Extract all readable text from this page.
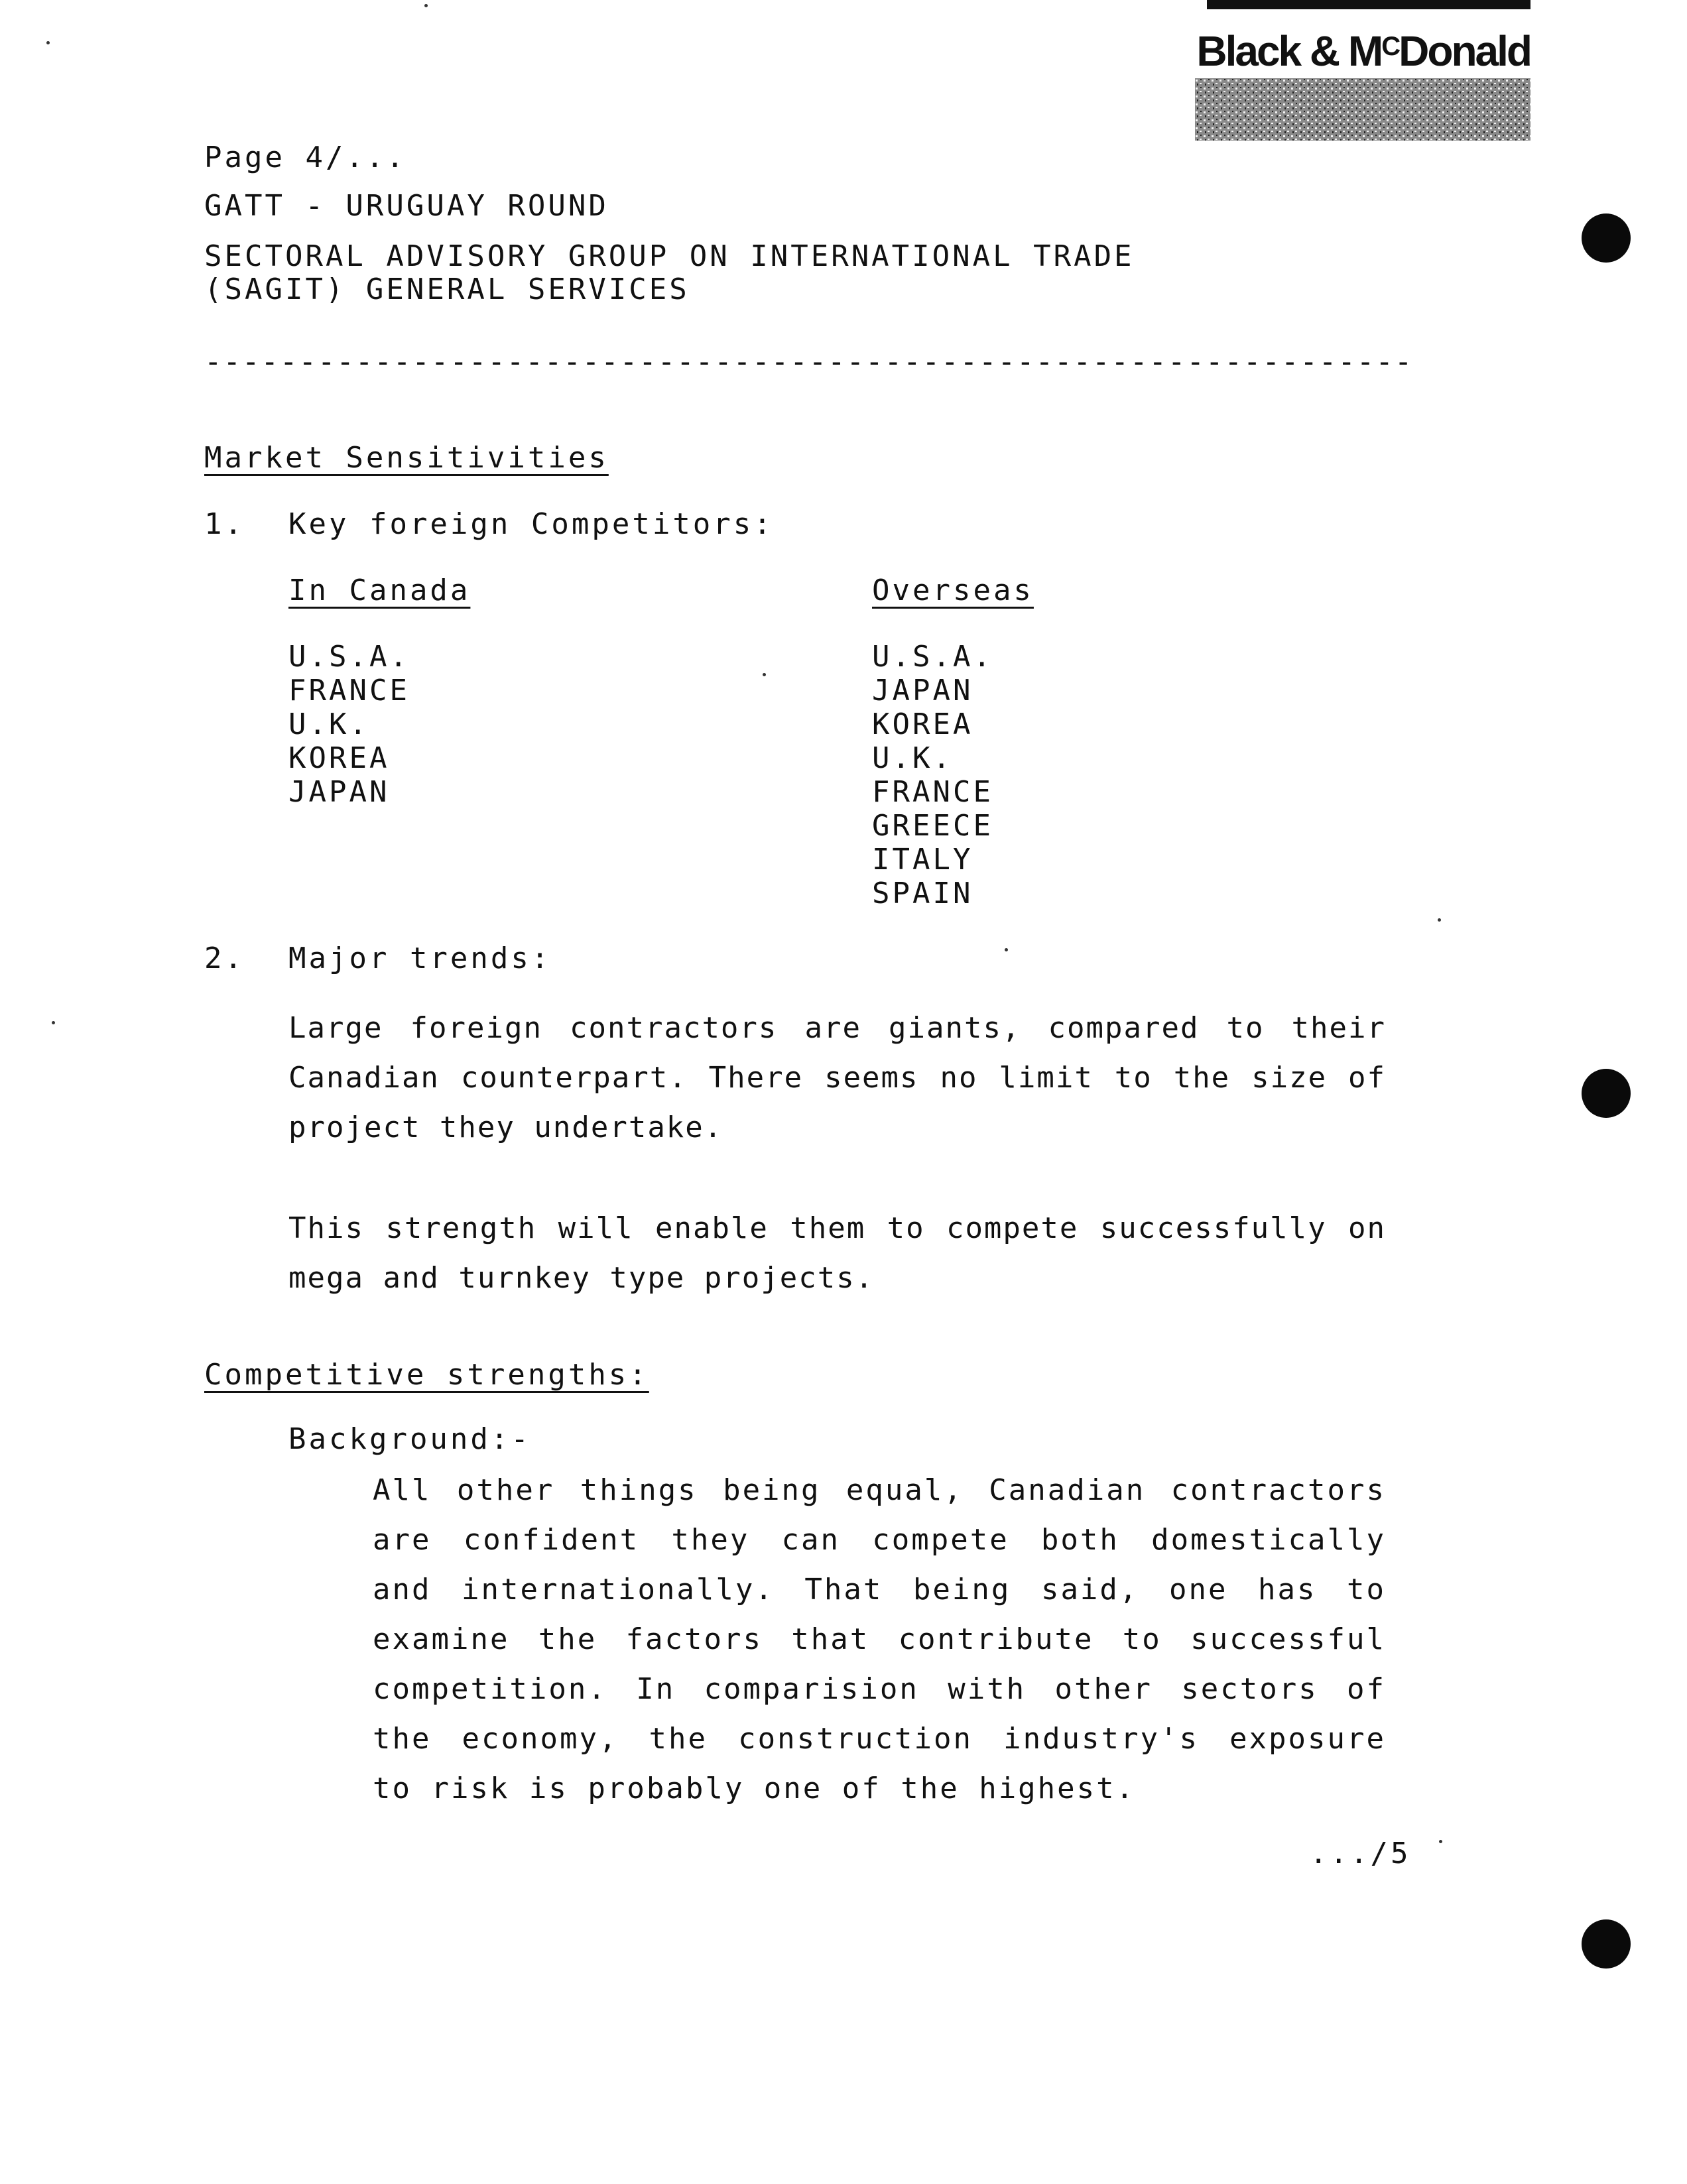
Black & $M^CDonald$
Page 4/...
GATT - URUGUAY ROUND
SECTORAL ADVISORY GROUP ON INTERNATIONAL TRADE
(SAGIT) GENERAL SERVICES
----------------------------------------------------------------
Market Sensitivities
1. Key foreign Competitors:
In Canada	Overseas
U.S.A.
FRANCE
U.K.
KOREA
JAPAN
U.S.A.
JAPAN
KOREA
U.K.
FRANCE
GREECE
ITALY
SPAIN
2. Major trends:
Large foreign contractors are giants, compared to their Canadian counterpart. There seems no limit to the size of project they undertake.
This strength will enable them to compete successfully on mega and turnkey type projects.
Competitive strengths:
Background:-
All other things being equal, Canadian contractors are confident they can compete both domestically and internationally. That being said, one has to examine the factors that contribute to successful competition. In comparision with other sectors of the economy, the construction industry's exposure to risk is probably one of the highest.
.../5
